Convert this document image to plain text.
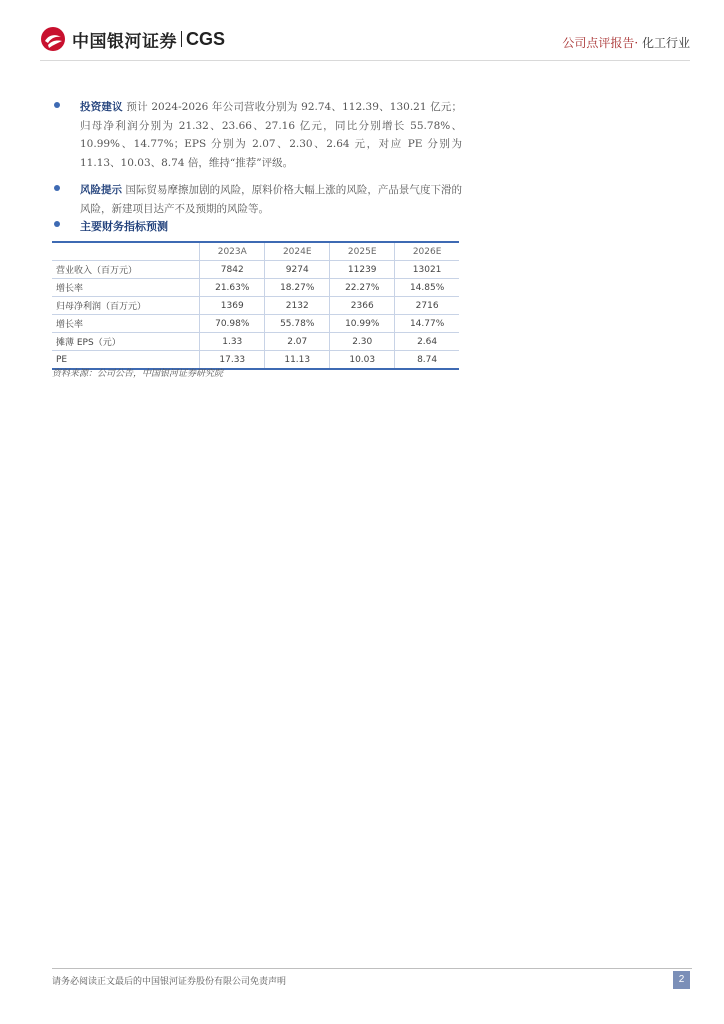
中国银河证券 CGS	公司点评报告· 化工行业
投资建议 预计 2024-2026 年公司营收分别为 92.74、112.39、130.21 亿元；归母净利润分别为 21.32、23.66、27.16 亿元，同比分别增长 55.78%、10.99%、14.77%；EPS 分别为 2.07、2.30、2.64 元，对应 PE 分别为 11.13、10.03、8.74 倍，维持“推荐”评级。
风险提示 国际贸易摩擦加剧的风险，原料价格大幅上涨的风险，产品景气度下滑的风险，新建项目达产不及预期的风险等。
主要财务指标预测
	2023A	2024E	2025E	2026E
营业收入（百万元）	7842	9274	11239	13021
增长率	21.63%	18.27%	22.27%	14.85%
归母净利润（百万元）	1369	2132	2366	2716
增长率	70.98%	55.78%	10.99%	14.77%
摊薄 EPS（元）	1.33	2.07	2.30	2.64
PE	17.33	11.13	10.03	8.74
资料来源：公司公告，中国银河证券研究院
请务必阅读正文最后的中国银河证券股份有限公司免责声明	2
